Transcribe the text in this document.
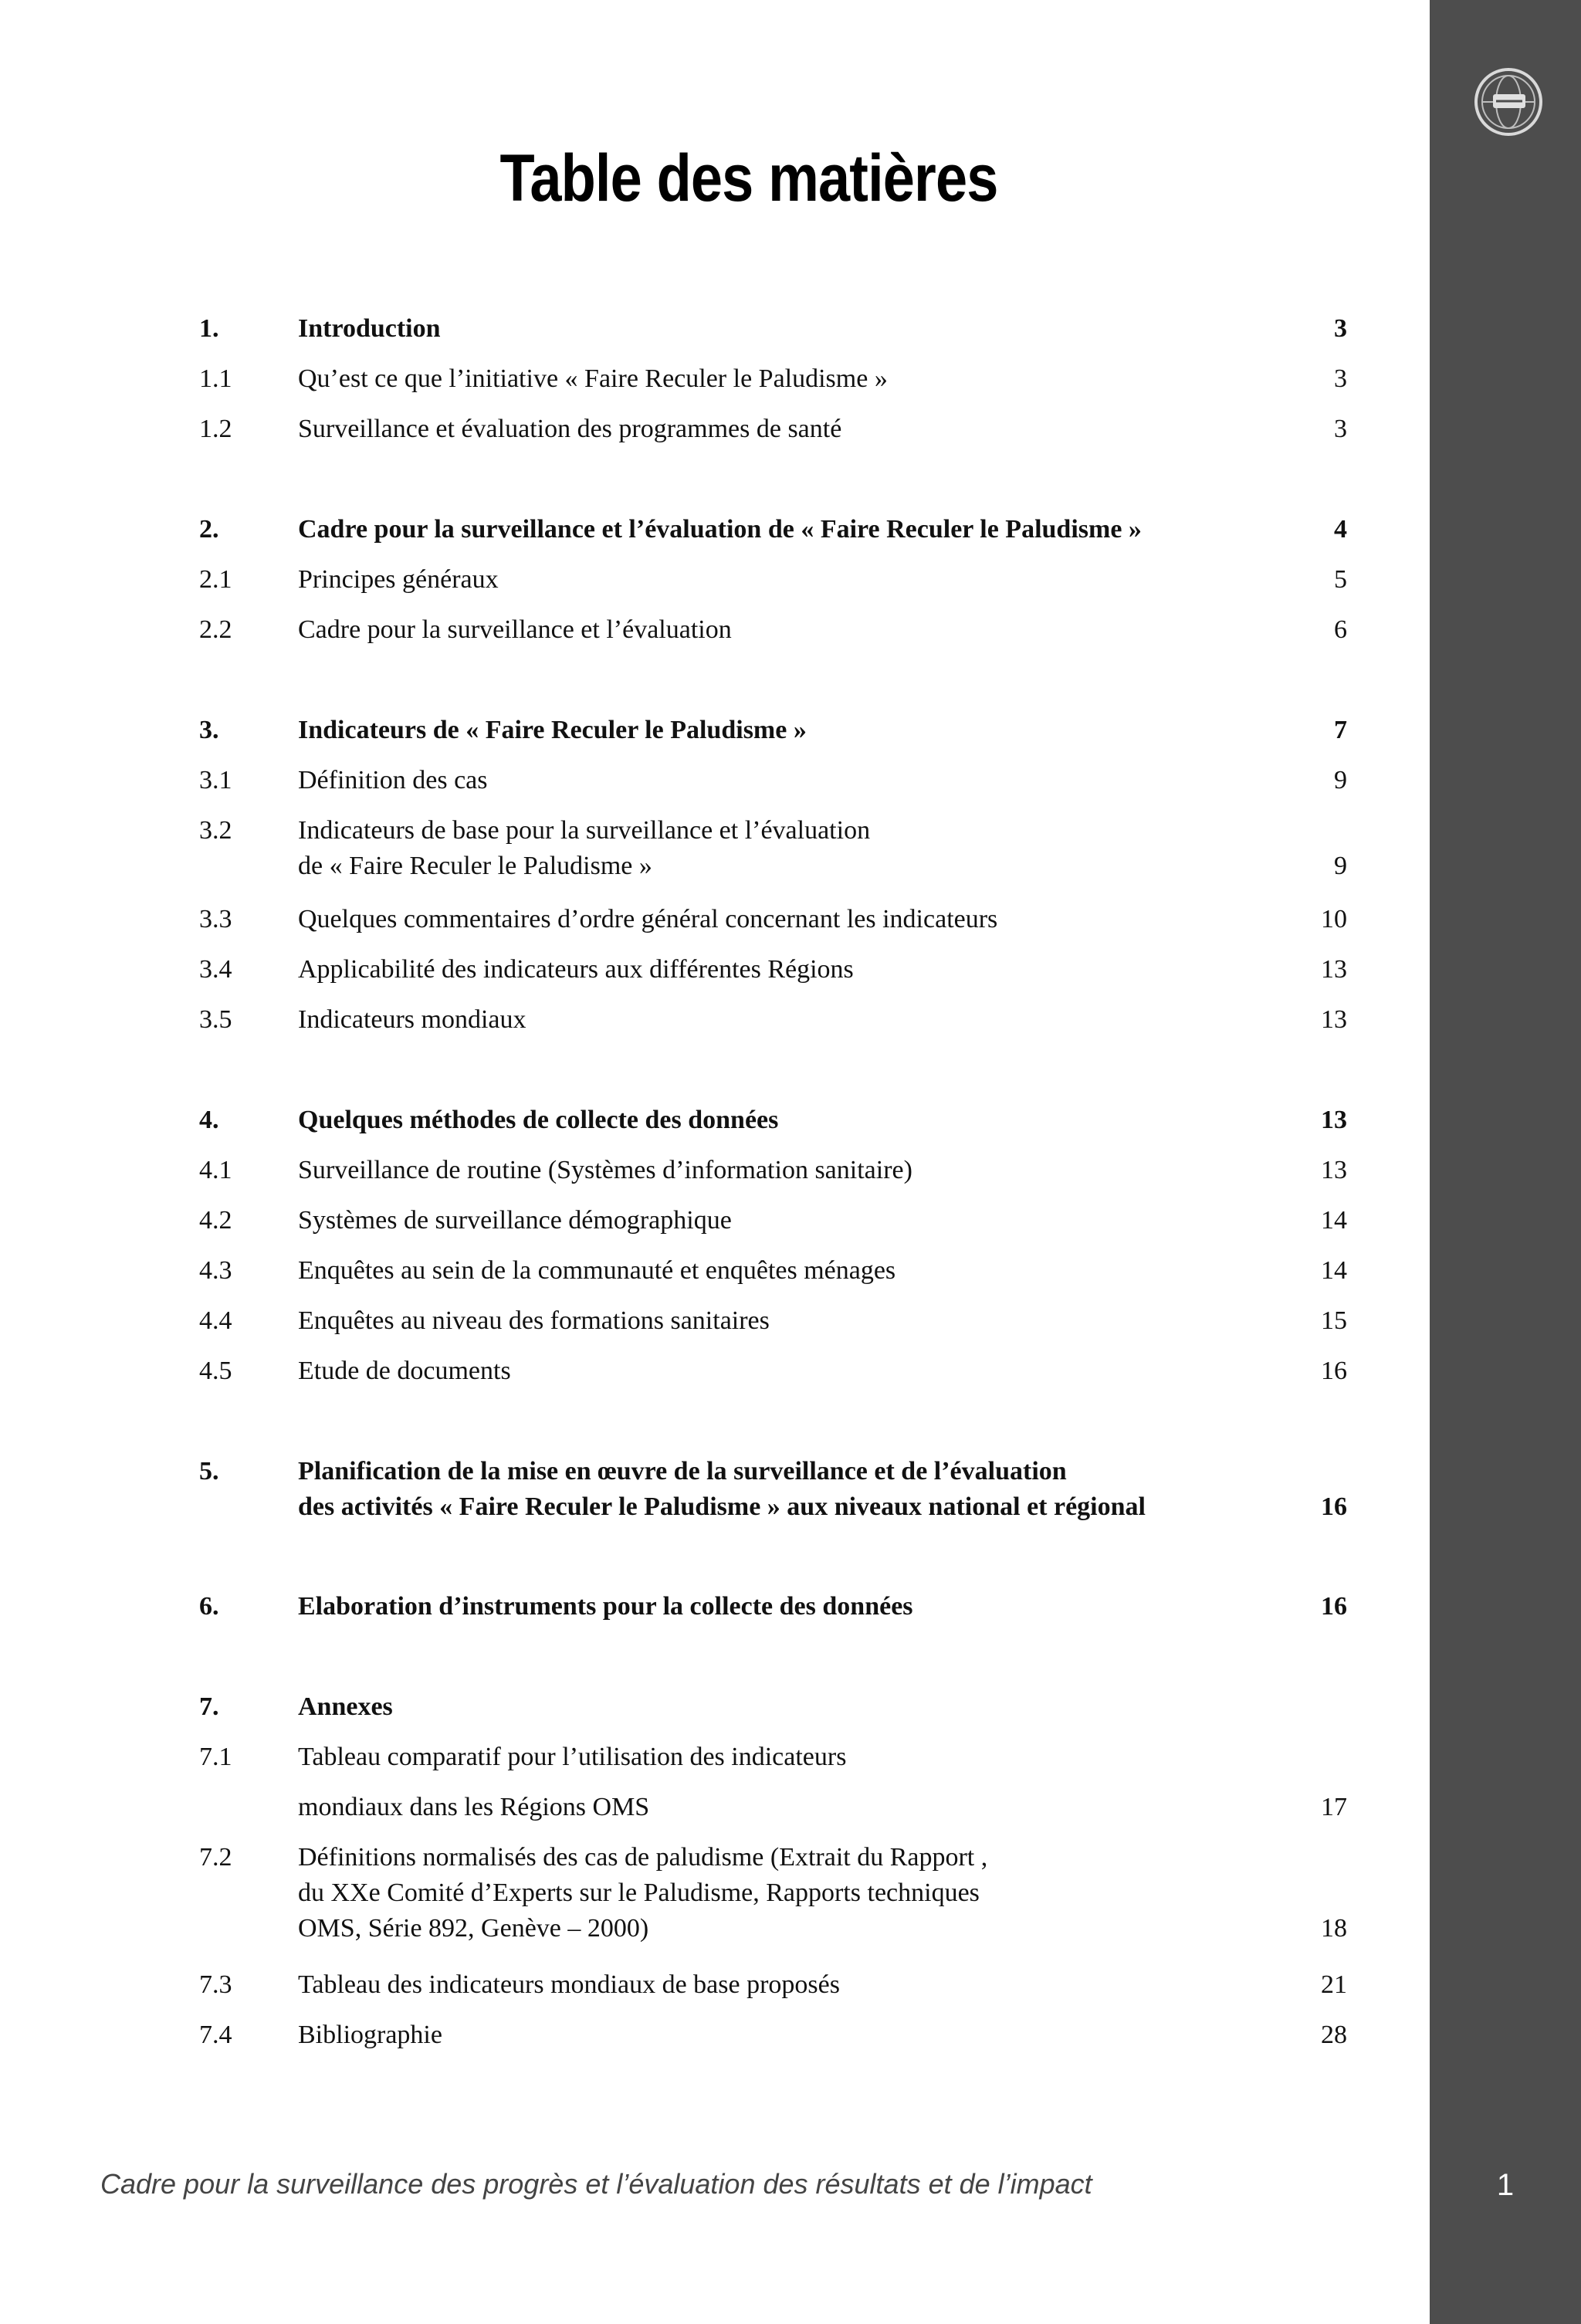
1
Table des matières
1.	Introduction	3
1.1	Qu’est ce que l’initiative « Faire Reculer le Paludisme »	3
1.2	Surveillance et évaluation des programmes de santé	3
2.	Cadre pour la surveillance et l’évaluation de « Faire Reculer le Paludisme »	4
2.1	Principes généraux	5
2.2	Cadre pour la surveillance et l’évaluation	6
3.	Indicateurs de « Faire Reculer le Paludisme »	7
3.1	Définition des cas	9
3.2	Indicateurs de base pour la surveillance et l’évaluation
de « Faire Reculer le Paludisme »	9
3.3	Quelques commentaires d’ordre général concernant les indicateurs	10
3.4	Applicabilité des indicateurs aux différentes Régions	13
3.5	Indicateurs mondiaux	13
4.	Quelques méthodes de collecte des données	13
4.1	Surveillance de routine (Systèmes d’information sanitaire)	13
4.2	Systèmes de surveillance démographique	14
4.3	Enquêtes au sein de la communauté et enquêtes ménages	14
4.4	Enquêtes au niveau des formations sanitaires	15
4.5	Etude de documents	16
5.	Planification de la mise en œuvre de la surveillance et de l’évaluation
des activités « Faire Reculer le Paludisme » aux niveaux national et régional	16
6.	Elaboration d’instruments pour la collecte des données	16
7.	Annexes
7.1	Tableau comparatif pour l’utilisation des indicateurs
mondiaux dans les Régions OMS	17
7.2	Définitions normalisés des cas de paludisme (Extrait du Rapport ,
du XXe Comité d’Experts sur le Paludisme, Rapports techniques
OMS, Série 892, Genève – 2000)	18
7.3	Tableau des indicateurs mondiaux de base proposés	21
7.4	Bibliographie	28
Cadre pour la surveillance des progrès et l’évaluation des résultats et de l’impact
